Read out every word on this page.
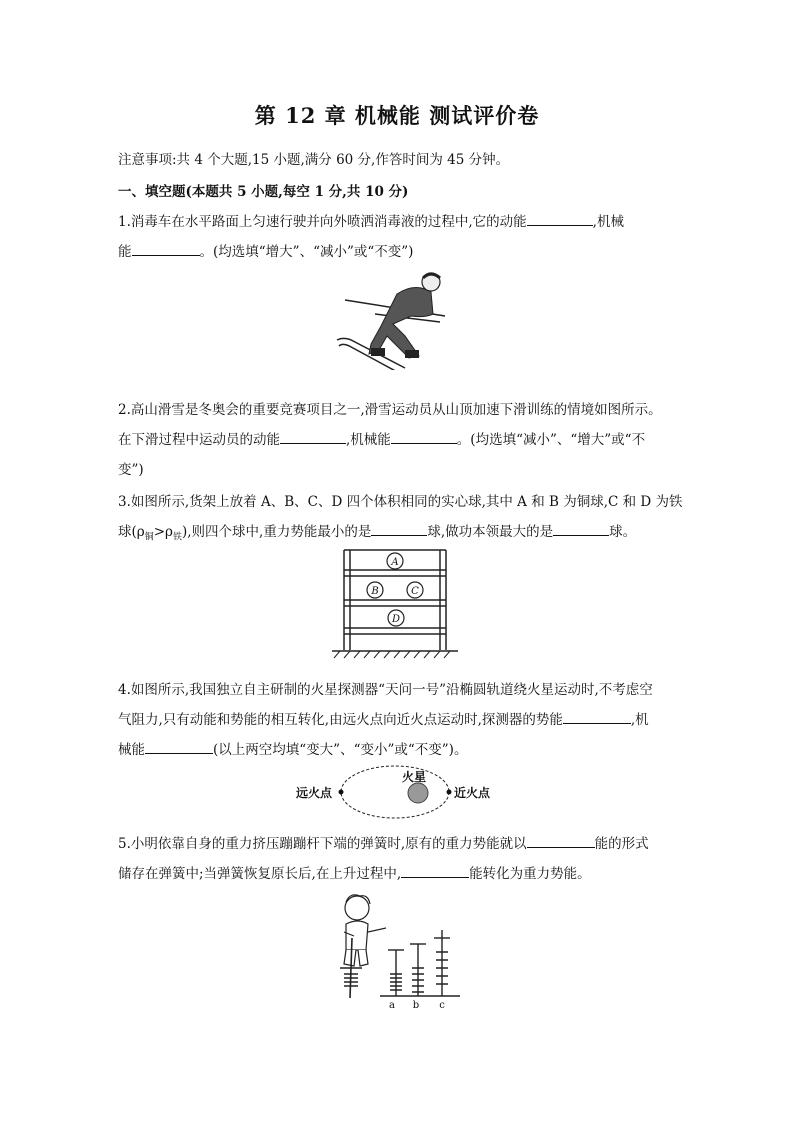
第 12 章 机械能 测试评价卷
注意事项:共 4 个大题,15 小题,满分 60 分,作答时间为 45 分钟。
一、填空题(本题共 5 小题,每空 1 分,共 10 分)
1.消毒车在水平路面上匀速行驶并向外喷洒消毒液的过程中,它的动能	,机械
能	。(均选填“增大”、“减小”或“不变”)
2.高山滑雪是冬奥会的重要竞赛项目之一,滑雪运动员从山顶加速下滑训练的情境如图所示。
在下滑过程中运动员的动能	,机械能	。(均选填“减小”、“增大”或“不
变”)
3.如图所示,货架上放着 A、B、C、D 四个体积相同的实心球,其中 A 和 B 为铜球,C 和 D 为铁
球$(\rho_铜>\rho_铁)$,则四个球中,重力势能最小的是	球,做功本领最大的是	球。
A
B	C
D
4.如图所示,我国独立自主研制的火星探测器“天问一号”沿椭圆轨道绕火星运动时,不考虑空
气阻力,只有动能和势能的相互转化,由远火点向近火点运动时,探测器的势能	,机
械能	(以上两空均填“变大”、“变小”或“不变”)。
远火点
火星
近火点
5.小明依靠自身的重力挤压蹦蹦杆下端的弹簧时,原有的重力势能就以	能的形式
储存在弹簧中;当弹簧恢复原长后,在上升过程中,	能转化为重力势能。
a b c
